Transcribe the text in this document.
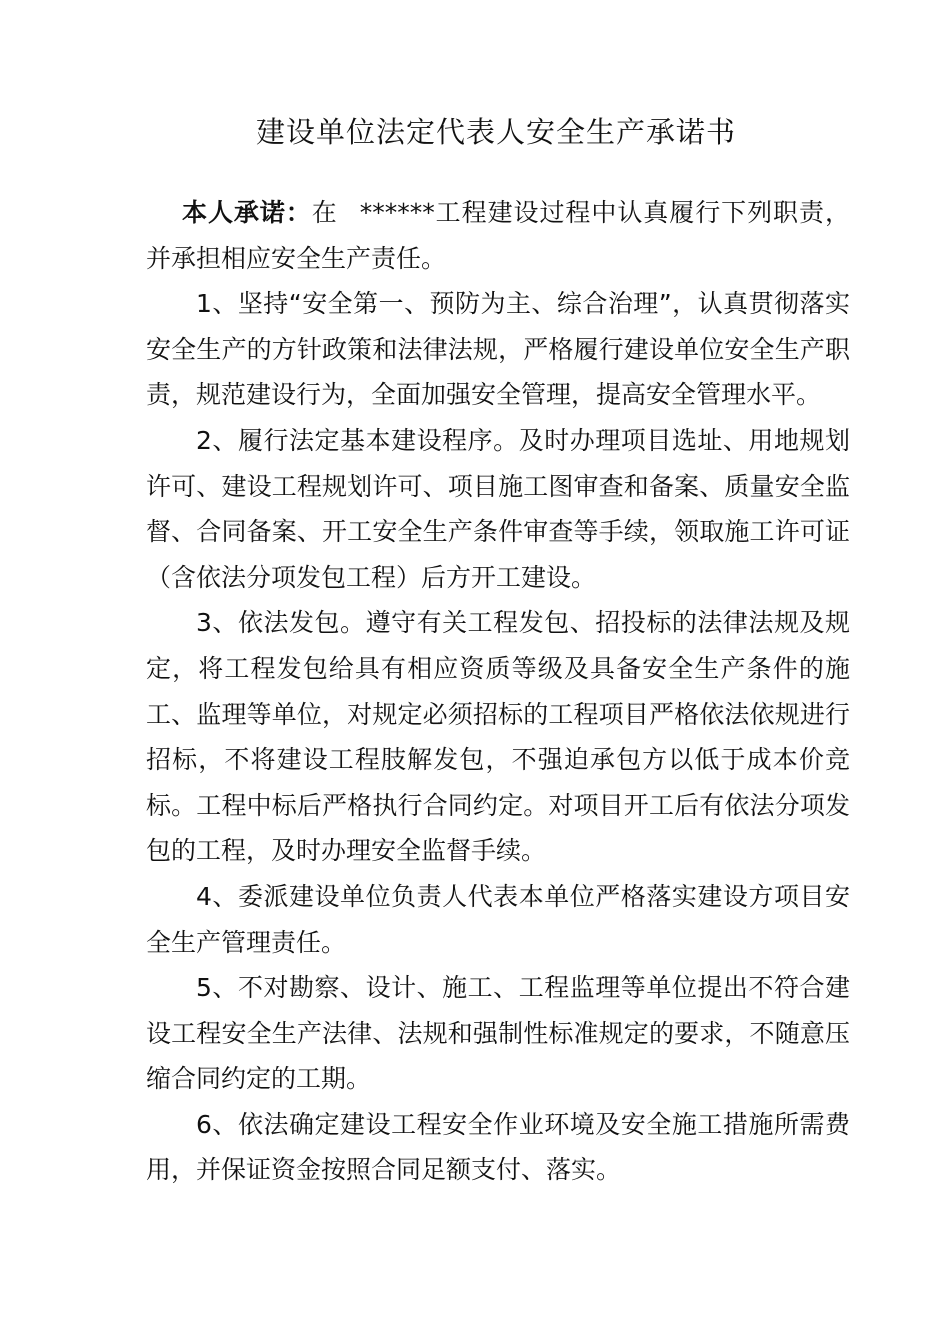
建设单位法定代表人安全生产承诺书

本人承诺：在 ******工程建设过程中认真履行下列职责，并承担相应安全生产责任。

1、坚持“安全第一、预防为主、综合治理”，认真贯彻落实安全生产的方针政策和法律法规，严格履行建设单位安全生产职责，规范建设行为，全面加强安全管理，提高安全管理水平。

2、履行法定基本建设程序。及时办理项目选址、用地规划许可、建设工程规划许可、项目施工图审查和备案、质量安全监督、合同备案、开工安全生产条件审查等手续，领取施工许可证（含依法分项发包工程）后方开工建设。

3、依法发包。遵守有关工程发包、招投标的法律法规及规定，将工程发包给具有相应资质等级及具备安全生产条件的施工、监理等单位，对规定必须招标的工程项目严格依法依规进行招标，不将建设工程肢解发包，不强迫承包方以低于成本价竞标。工程中标后严格执行合同约定。对项目开工后有依法分项发包的工程，及时办理安全监督手续。

4、委派建设单位负责人代表本单位严格落实建设方项目安全生产管理责任。

5、不对勘察、设计、施工、工程监理等单位提出不符合建设工程安全生产法律、法规和强制性标准规定的要求，不随意压缩合同约定的工期。

6、依法确定建设工程安全作业环境及安全施工措施所需费用，并保证资金按照合同足额支付、落实。
